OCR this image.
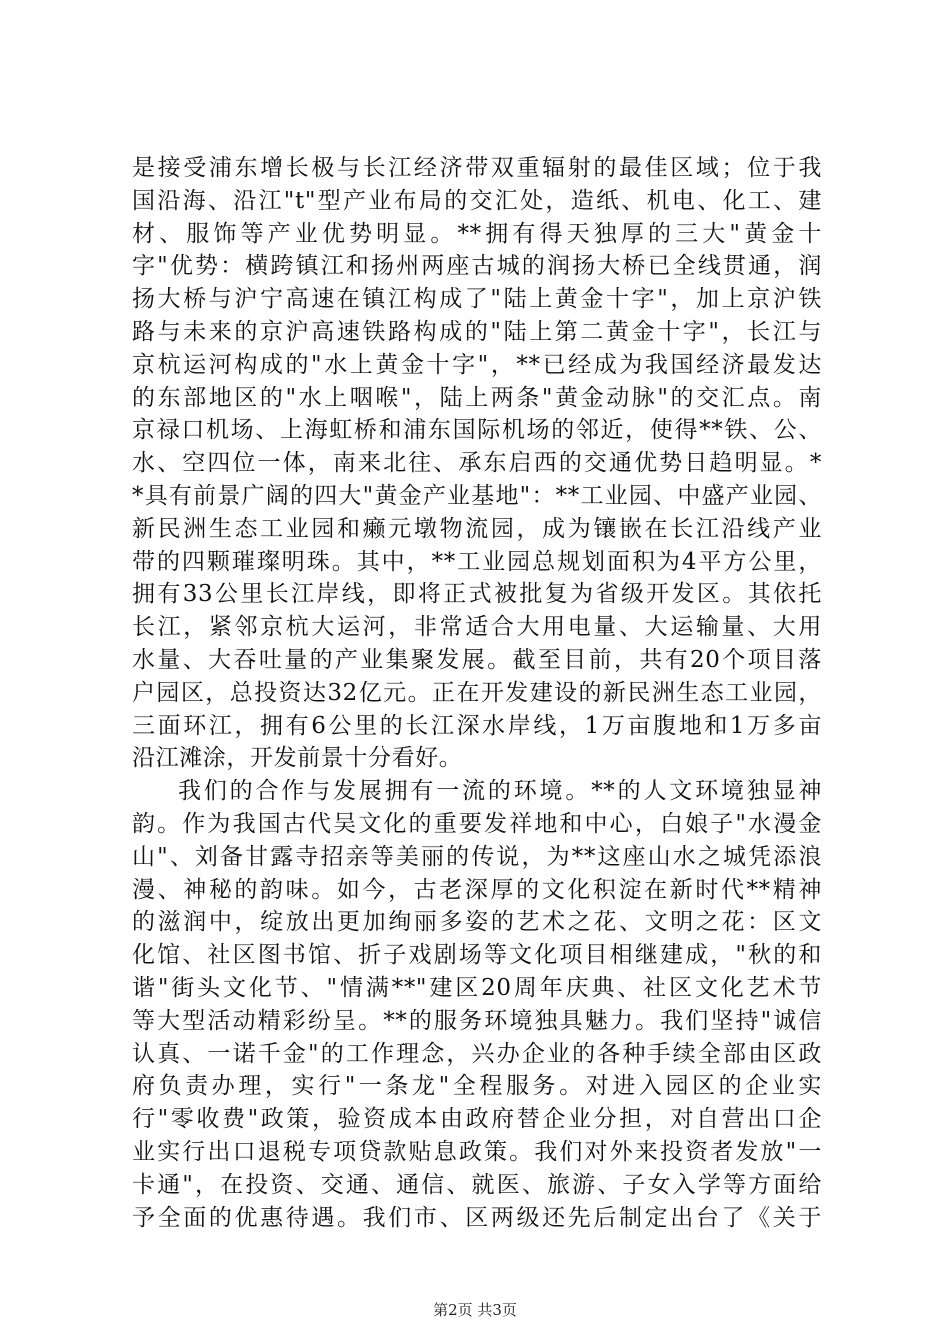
是接受浦东增长极与长江经济带双重辐射的最佳区域；位于我
国沿海、沿江"t"型产业布局的交汇处，造纸、机电、化工、建
材、服饰等产业优势明显。**拥有得天独厚的三大"黄金十
字"优势：横跨镇江和扬州两座古城的润扬大桥已全线贯通，润
扬大桥与沪宁高速在镇江构成了"陆上黄金十字"，加上京沪铁
路与未来的京沪高速铁路构成的"陆上第二黄金十字"，长江与
京杭运河构成的"水上黄金十字"，**已经成为我国经济最发达
的东部地区的"水上咽喉"，陆上两条"黄金动脉"的交汇点。南
京禄口机场、上海虹桥和浦东国际机场的邻近，使得**铁、公、
水、空四位一体，南来北往、承东启西的交通优势日趋明显。*
*具有前景广阔的四大"黄金产业基地"：**工业园、中盛产业园、
新民洲生态工业园和癞元墩物流园，成为镶嵌在长江沿线产业
带的四颗璀璨明珠。其中，**工业园总规划面积为4平方公里，
拥有33公里长江岸线，即将正式被批复为省级开发区。其依托
长江，紧邻京杭大运河，非常适合大用电量、大运输量、大用
水量、大吞吐量的产业集聚发展。截至目前，共有20个项目落
户园区，总投资达32亿元。正在开发建设的新民洲生态工业园，
三面环江，拥有6公里的长江深水岸线，1万亩腹地和1万多亩
沿江滩涂，开发前景十分看好。
我们的合作与发展拥有一流的环境。**的人文环境独显神
韵。作为我国古代吴文化的重要发祥地和中心，白娘子"水漫金
山"、刘备甘露寺招亲等美丽的传说，为**这座山水之城凭添浪
漫、神秘的韵味。如今，古老深厚的文化积淀在新时代**精神
的滋润中，绽放出更加绚丽多姿的艺术之花、文明之花：区文
化馆、社区图书馆、折子戏剧场等文化项目相继建成，"秋的和
谐"街头文化节、"情满**"建区20周年庆典、社区文化艺术节
等大型活动精彩纷呈。**的服务环境独具魅力。我们坚持"诚信
认真、一诺千金"的工作理念，兴办企业的各种手续全部由区政
府负责办理，实行"一条龙"全程服务。对进入园区的企业实
行"零收费"政策，验资成本由政府替企业分担，对自营出口企
业实行出口退税专项贷款贴息政策。我们对外来投资者发放"一
卡通"，在投资、交通、通信、就医、旅游、子女入学等方面给
予全面的优惠待遇。我们市、区两级还先后制定出台了《关于
第2页 共3页
